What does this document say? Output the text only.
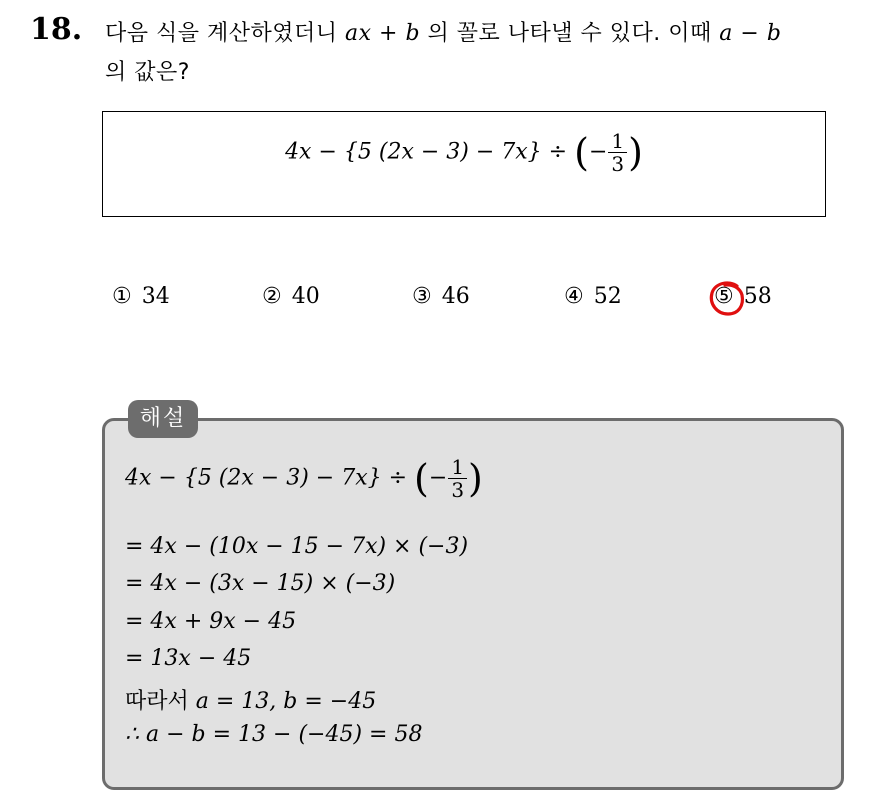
18. 다음 식을 계산하였더니 ax + b 의 꼴로 나타낼 수 있다. 이때 a − b
의 값은?
4x − {5 (2x − 3) − 7x} ÷ (− $\frac{1}{3}$ )
① 34	② 40	③ 46	④ 52	⑤ 58
해설
4x − {5 (2x − 3) − 7x} ÷ (− $\frac{1}{3}$ )
= 4x − (10x − 15 − 7x) × (−3)
= 4x − (3x − 15) × (−3)
= 4x + 9x − 45
= 13x − 45
따라서 a = 13, b = −45
∴ a − b = 13 − (−45) = 58
